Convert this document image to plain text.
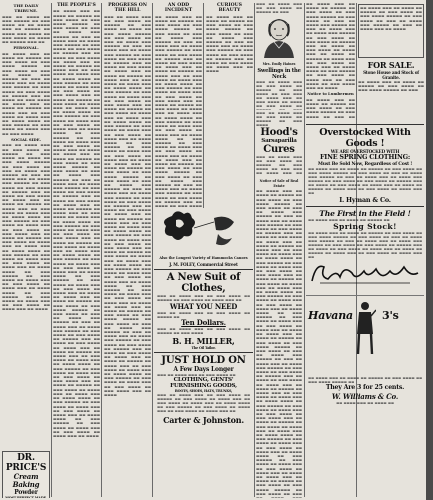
THE DAILY TRIBUNE.
▬▬▬ ▬▬ ▬▬▬▬ ▬▬ ▬▬▬ ▬▬▬▬▬ ▬▬ ▬▬▬ ▬▬▬▬ ▬▬ ▬▬ ▬▬▬▬ ▬▬▬ ▬▬ ▬▬▬▬▬ ▬▬ ▬▬▬▬ ▬▬▬ ▬▬▬▬ ▬▬ ▬▬▬ ▬▬▬▬ ▬▬ ▬▬▬▬ ▬▬ ▬▬▬▬▬ ▬▬▬ ▬▬
PERSONAL.
▬▬ ▬▬▬▬ ▬▬▬ ▬▬ ▬▬▬▬ ▬▬ ▬▬▬▬▬ ▬▬ ▬▬▬ ▬▬▬▬ ▬▬ ▬▬▬ ▬▬▬▬ ▬▬▬▬▬ ▬▬ ▬▬▬ ▬▬▬▬ ▬▬ ▬▬▬ ▬▬ ▬▬▬▬ ▬▬▬ ▬▬▬▬▬ ▬▬ ▬▬▬ ▬▬ ▬▬▬▬ ▬▬▬ ▬▬ ▬▬▬▬ ▬▬▬ ▬▬▬▬▬ ▬▬ ▬▬▬ ▬▬▬▬ ▬▬ ▬▬▬ ▬▬▬▬ ▬▬ ▬▬▬▬▬ ▬▬▬ ▬▬ ▬▬▬▬ ▬▬ ▬▬▬ ▬▬▬▬ ▬▬ ▬▬▬▬ ▬▬▬ ▬▬ ▬▬▬▬ ▬▬ ▬▬▬▬▬ ▬▬ ▬▬▬▬ ▬▬▬ ▬▬ ▬▬▬ ▬▬▬▬ ▬▬ ▬▬▬▬ ▬▬▬ ▬▬ ▬▬▬▬ ▬▬▬▬ ▬▬ ▬▬▬ ▬▬▬▬▬ ▬▬ ▬▬▬ ▬▬▬▬ ▬▬ ▬▬▬▬ ▬▬▬ ▬▬ ▬▬▬ ▬▬▬▬
SOCIAL SIDE.
▬▬▬ ▬▬ ▬▬▬▬ ▬▬▬ ▬▬ ▬▬▬ ▬▬▬▬ ▬▬ ▬▬▬▬▬ ▬▬ ▬▬▬ ▬▬▬▬ ▬▬ ▬▬▬▬ ▬▬ ▬▬▬ ▬▬▬▬ ▬▬▬▬▬ ▬▬ ▬▬▬ ▬▬▬▬ ▬▬ ▬▬▬ ▬▬ ▬▬▬▬ ▬▬▬ ▬▬▬▬▬ ▬▬ ▬▬▬ ▬▬ ▬▬▬▬ ▬▬▬ ▬▬ ▬▬▬▬ ▬▬▬ ▬▬▬▬▬ ▬▬ ▬▬▬ ▬▬▬▬ ▬▬ ▬▬▬ ▬▬▬▬ ▬▬ ▬▬▬▬▬ ▬▬▬ ▬▬ ▬▬▬▬ ▬▬ ▬▬▬ ▬▬▬▬ ▬▬ ▬▬▬▬ ▬▬▬ ▬▬ ▬▬▬▬ ▬▬ ▬▬▬▬▬ ▬▬ ▬▬▬▬ ▬▬▬ ▬▬ ▬▬▬ ▬▬▬▬ ▬▬ ▬▬▬▬ ▬▬▬ ▬▬ ▬▬▬▬ ▬▬▬▬ ▬▬ ▬▬▬ ▬▬▬▬▬ ▬▬ ▬▬▬ ▬▬▬▬ ▬▬ ▬▬▬▬ ▬▬▬ ▬▬ ▬▬▬ ▬▬▬▬ ▬▬ ▬▬▬ ▬▬▬▬ ▬▬▬ ▬▬ ▬▬▬▬ ▬▬ ▬▬▬▬▬ ▬▬ ▬▬▬ ▬▬▬▬ ▬▬ ▬▬▬▬ ▬▬▬ ▬▬ ▬▬▬▬ ▬▬▬ ▬▬ ▬▬▬▬ ▬▬▬▬ ▬▬ ▬▬▬ ▬▬▬▬▬ ▬▬ ▬▬▬ ▬▬▬▬ ▬▬ ▬▬▬▬ ▬▬▬ ▬▬ ▬▬▬ ▬▬▬▬ ▬▬ ▬▬▬▬ ▬▬▬ ▬▬ ▬▬▬▬ ▬▬▬▬ ▬▬ ▬▬▬ ▬▬▬▬▬ ▬▬ ▬▬▬ ▬▬▬▬ ▬▬ ▬▬▬▬ ▬▬▬ ▬▬ ▬▬▬ ▬▬▬▬ ▬▬ ▬▬▬▬ ▬▬▬ ▬▬ ▬▬▬▬ ▬▬▬▬ ▬▬ ▬▬▬ ▬▬▬▬▬ ▬▬ ▬▬▬ ▬▬▬▬ ▬▬ ▬▬▬▬ ▬▬▬ ▬▬ ▬▬▬ ▬▬▬▬ ▬▬ ▬▬▬▬ ▬▬▬ ▬▬ ▬▬▬▬
DR. PRICE'S
Cream Baking
Powder
MOST PERFECT MADE.
THE PEOPLE'S
▬▬ ▬▬▬▬ ▬▬▬ ▬▬ ▬▬▬▬ ▬▬ ▬▬▬▬▬ ▬▬ ▬▬▬ ▬▬▬▬ ▬▬ ▬▬▬ ▬▬▬▬ ▬▬▬▬▬ ▬▬ ▬▬▬ ▬▬▬▬ ▬▬ ▬▬▬ ▬▬ ▬▬▬▬ ▬▬▬ ▬▬▬▬▬ ▬▬ ▬▬▬ ▬▬ ▬▬▬▬ ▬▬▬ ▬▬ ▬▬▬▬ ▬▬▬ ▬▬▬▬▬ ▬▬ ▬▬▬ ▬▬▬▬ ▬▬ ▬▬▬ ▬▬▬▬ ▬▬ ▬▬▬▬▬ ▬▬▬ ▬▬ ▬▬▬▬ ▬▬ ▬▬▬ ▬▬▬▬ ▬▬ ▬▬▬▬ ▬▬▬ ▬▬ ▬▬▬▬ ▬▬ ▬▬▬▬▬ ▬▬ ▬▬▬▬ ▬▬▬ ▬▬ ▬▬▬ ▬▬▬▬ ▬▬ ▬▬▬▬ ▬▬▬ ▬▬ ▬▬▬▬ ▬▬▬▬ ▬▬ ▬▬▬ ▬▬▬▬▬ ▬▬ ▬▬▬ ▬▬▬▬ ▬▬ ▬▬▬▬ ▬▬▬ ▬▬ ▬▬▬ ▬▬▬▬ ▬▬ ▬▬▬ ▬▬▬▬ ▬▬▬ ▬▬ ▬▬▬▬ ▬▬ ▬▬▬▬▬ ▬▬ ▬▬▬ ▬▬▬▬ ▬▬ ▬▬▬▬ ▬▬▬ ▬▬ ▬▬▬▬ ▬▬▬ ▬▬ ▬▬▬▬ ▬▬▬▬ ▬▬ ▬▬▬ ▬▬▬▬▬ ▬▬ ▬▬▬ ▬▬▬▬ ▬▬ ▬▬▬▬ ▬▬▬ ▬▬ ▬▬▬ ▬▬▬▬ ▬▬ ▬▬▬▬ ▬▬▬ ▬▬ ▬▬▬▬ ▬▬▬▬ ▬▬ ▬▬▬ ▬▬▬▬▬ ▬▬ ▬▬▬ ▬▬▬▬ ▬▬ ▬▬▬▬ ▬▬▬ ▬▬ ▬▬▬ ▬▬▬▬ ▬▬ ▬▬▬▬ ▬▬▬ ▬▬ ▬▬▬▬ ▬▬ ▬▬▬▬ ▬▬▬ ▬▬ ▬▬▬▬ ▬▬ ▬▬▬▬▬ ▬▬ ▬▬▬ ▬▬▬▬ ▬▬ ▬▬▬ ▬▬▬▬ ▬▬▬▬▬ ▬▬ ▬▬▬ ▬▬▬▬ ▬▬ ▬▬▬ ▬▬ ▬▬▬▬ ▬▬▬ ▬▬▬▬▬ ▬▬ ▬▬▬ ▬▬ ▬▬▬▬ ▬▬▬ ▬▬ ▬▬▬▬ ▬▬▬ ▬▬▬▬▬ ▬▬ ▬▬▬ ▬▬▬▬ ▬▬ ▬▬▬ ▬▬▬▬ ▬▬ ▬▬▬▬▬ ▬▬▬ ▬▬ ▬▬▬▬ ▬▬ ▬▬▬ ▬▬▬▬ ▬▬ ▬▬▬▬ ▬▬▬ ▬▬ ▬▬▬▬ ▬▬ ▬▬▬▬▬ ▬▬ ▬▬▬▬ ▬▬▬ ▬▬ ▬▬▬ ▬▬▬▬ ▬▬ ▬▬▬▬ ▬▬▬ ▬▬ ▬▬▬▬ ▬▬▬▬ ▬▬ ▬▬▬ ▬▬▬▬▬ ▬▬ ▬▬▬ ▬▬▬▬ ▬▬ ▬▬▬▬ ▬▬▬ ▬▬ ▬▬▬ ▬▬▬▬ ▬▬ ▬▬▬ ▬▬▬▬ ▬▬▬ ▬▬ ▬▬▬▬ ▬▬ ▬▬▬▬▬ ▬▬ ▬▬▬ ▬▬▬▬ ▬▬ ▬▬▬▬ ▬▬▬ ▬▬ ▬▬▬▬ ▬▬▬ ▬▬ ▬▬▬▬ ▬▬▬▬ ▬▬ ▬▬▬ ▬▬▬▬▬ ▬▬ ▬▬▬ ▬▬▬▬ ▬▬ ▬▬▬▬ ▬▬▬ ▬▬ ▬▬▬ ▬▬▬▬ ▬▬ ▬▬▬▬ ▬▬▬ ▬▬ ▬▬▬▬ ▬▬▬▬ ▬▬ ▬▬▬ ▬▬▬▬▬ ▬▬ ▬▬▬ ▬▬▬▬ ▬▬ ▬▬▬▬ ▬▬▬ ▬▬ ▬▬▬ ▬▬▬▬ ▬▬ ▬▬▬▬ ▬▬▬ ▬▬ ▬▬▬▬ ▬▬ ▬▬▬▬ ▬▬▬ ▬▬ ▬▬▬▬ ▬▬ ▬▬▬▬▬ ▬▬ ▬▬▬ ▬▬▬▬ ▬▬ ▬▬▬ ▬▬▬▬ ▬▬▬▬▬ ▬▬ ▬▬▬ ▬▬▬▬ ▬▬ ▬▬▬ ▬▬ ▬▬▬▬ ▬▬▬ ▬▬▬▬▬ ▬▬ ▬▬▬ ▬▬ ▬▬▬▬ ▬▬▬ ▬▬ ▬▬▬▬ ▬▬▬ ▬▬▬▬▬ ▬▬ ▬▬▬ ▬▬▬▬ ▬▬ ▬▬▬ ▬▬▬▬ ▬▬ ▬▬▬▬▬ ▬▬▬ ▬▬ ▬▬▬▬ ▬▬ ▬▬▬ ▬▬▬▬ ▬▬ ▬▬▬▬ ▬▬▬ ▬▬ ▬▬▬▬ ▬▬ ▬▬▬▬▬ ▬▬ ▬▬▬▬ ▬▬▬ ▬▬ ▬▬▬ ▬▬▬▬ ▬▬ ▬▬▬▬ ▬▬▬ ▬▬ ▬▬▬▬ ▬▬▬▬ ▬▬ ▬▬▬ ▬▬▬▬▬ ▬▬ ▬▬▬ ▬▬▬▬ ▬▬ ▬▬▬▬ ▬▬▬ ▬▬ ▬▬▬ ▬▬▬▬ ▬▬ ▬▬▬ ▬▬▬▬ ▬▬▬ ▬▬ ▬▬▬▬ ▬▬ ▬▬▬▬▬ ▬▬ ▬▬▬ ▬▬▬▬ ▬▬ ▬▬▬▬ ▬▬▬ ▬▬ ▬▬▬▬ ▬▬▬ ▬▬ ▬▬▬▬ ▬▬▬▬ ▬▬ ▬▬▬ ▬▬▬▬▬ ▬▬ ▬▬▬ ▬▬▬▬ ▬▬ ▬▬▬▬ ▬▬▬ ▬▬ ▬▬▬ ▬▬▬▬ ▬▬ ▬▬▬▬ ▬▬▬ ▬▬ ▬▬▬▬ ▬▬▬▬ ▬▬ ▬▬▬ ▬▬▬▬▬ ▬▬ ▬▬▬ ▬▬▬▬ ▬▬ ▬▬▬▬ ▬▬▬ ▬▬ ▬▬▬ ▬▬▬▬ ▬▬ ▬▬▬▬ ▬▬▬ ▬▬ ▬▬▬▬
PROGRESS ON THE HILL
▬▬▬ ▬▬ ▬▬▬▬ ▬▬▬ ▬▬ ▬▬▬ ▬▬▬▬ ▬▬ ▬▬▬▬▬ ▬▬ ▬▬▬ ▬▬▬▬ ▬▬ ▬▬▬▬ ▬▬ ▬▬▬ ▬▬▬▬ ▬▬▬▬▬ ▬▬ ▬▬▬ ▬▬▬▬ ▬▬ ▬▬▬ ▬▬ ▬▬▬▬ ▬▬▬ ▬▬▬▬▬ ▬▬ ▬▬▬ ▬▬ ▬▬▬▬ ▬▬▬ ▬▬ ▬▬▬▬ ▬▬▬ ▬▬▬▬▬ ▬▬ ▬▬▬ ▬▬▬▬ ▬▬ ▬▬▬ ▬▬▬▬ ▬▬ ▬▬▬▬▬ ▬▬▬ ▬▬ ▬▬▬▬ ▬▬ ▬▬▬ ▬▬▬▬ ▬▬ ▬▬▬▬ ▬▬▬ ▬▬ ▬▬▬▬ ▬▬ ▬▬▬▬▬ ▬▬ ▬▬▬▬ ▬▬▬ ▬▬ ▬▬▬ ▬▬▬▬ ▬▬ ▬▬▬▬ ▬▬▬ ▬▬ ▬▬▬▬ ▬▬▬▬ ▬▬ ▬▬▬ ▬▬▬▬▬ ▬▬ ▬▬▬ ▬▬▬▬ ▬▬ ▬▬▬▬ ▬▬▬ ▬▬ ▬▬▬ ▬▬▬▬ ▬▬ ▬▬▬ ▬▬▬▬ ▬▬▬ ▬▬ ▬▬▬▬ ▬▬ ▬▬▬▬▬ ▬▬ ▬▬▬ ▬▬▬▬ ▬▬ ▬▬▬▬ ▬▬▬ ▬▬ ▬▬▬▬ ▬▬▬ ▬▬ ▬▬▬▬ ▬▬▬▬ ▬▬ ▬▬▬ ▬▬▬▬▬ ▬▬ ▬▬▬ ▬▬▬▬ ▬▬ ▬▬▬▬ ▬▬▬ ▬▬ ▬▬▬ ▬▬▬▬ ▬▬ ▬▬▬▬ ▬▬▬ ▬▬ ▬▬▬▬ ▬▬▬▬ ▬▬ ▬▬▬ ▬▬▬▬▬ ▬▬ ▬▬▬ ▬▬▬▬ ▬▬ ▬▬▬▬ ▬▬▬ ▬▬ ▬▬▬ ▬▬▬▬ ▬▬ ▬▬▬▬ ▬▬▬ ▬▬ ▬▬▬▬ ▬▬ ▬▬▬▬ ▬▬▬ ▬▬ ▬▬▬▬ ▬▬ ▬▬▬▬▬ ▬▬ ▬▬▬ ▬▬▬▬ ▬▬ ▬▬▬ ▬▬▬▬ ▬▬▬▬▬ ▬▬ ▬▬▬ ▬▬▬▬ ▬▬ ▬▬▬ ▬▬ ▬▬▬▬ ▬▬▬ ▬▬▬▬▬ ▬▬ ▬▬▬ ▬▬ ▬▬▬▬ ▬▬▬ ▬▬ ▬▬▬▬ ▬▬▬ ▬▬▬▬▬ ▬▬ ▬▬▬ ▬▬▬▬ ▬▬ ▬▬▬ ▬▬▬▬ ▬▬ ▬▬▬▬▬ ▬▬▬ ▬▬ ▬▬▬▬ ▬▬ ▬▬▬ ▬▬▬▬ ▬▬ ▬▬▬▬ ▬▬▬ ▬▬ ▬▬▬▬ ▬▬ ▬▬▬▬▬ ▬▬ ▬▬▬▬ ▬▬▬ ▬▬ ▬▬▬ ▬▬▬▬ ▬▬ ▬▬▬▬ ▬▬▬ ▬▬ ▬▬▬▬ ▬▬▬▬ ▬▬ ▬▬▬ ▬▬▬▬▬ ▬▬ ▬▬▬ ▬▬▬▬ ▬▬ ▬▬▬▬ ▬▬▬ ▬▬ ▬▬▬ ▬▬▬▬ ▬▬ ▬▬▬ ▬▬▬▬ ▬▬▬ ▬▬ ▬▬▬▬ ▬▬ ▬▬▬▬▬ ▬▬ ▬▬▬ ▬▬▬▬ ▬▬ ▬▬▬▬ ▬▬▬ ▬▬ ▬▬▬▬ ▬▬▬ ▬▬ ▬▬▬▬ ▬▬▬▬ ▬▬ ▬▬▬ ▬▬▬▬▬ ▬▬ ▬▬▬ ▬▬▬▬ ▬▬ ▬▬▬▬ ▬▬▬ ▬▬ ▬▬▬ ▬▬▬▬ ▬▬ ▬▬▬▬ ▬▬▬ ▬▬ ▬▬▬▬ ▬▬▬▬ ▬▬ ▬▬▬ ▬▬▬▬▬ ▬▬ ▬▬▬ ▬▬▬▬ ▬▬ ▬▬▬▬ ▬▬▬ ▬▬ ▬▬▬ ▬▬▬▬ ▬▬ ▬▬▬▬ ▬▬▬ ▬▬ ▬▬▬▬ ▬▬ ▬▬▬▬ ▬▬▬ ▬▬ ▬▬▬▬ ▬▬ ▬▬▬▬▬ ▬▬ ▬▬▬ ▬▬▬▬ ▬▬ ▬▬▬ ▬▬▬▬ ▬▬▬▬▬ ▬▬ ▬▬▬ ▬▬▬▬ ▬▬ ▬▬▬ ▬▬ ▬▬▬▬ ▬▬▬ ▬▬▬▬▬ ▬▬ ▬▬▬ ▬▬ ▬▬▬▬ ▬▬▬ ▬▬ ▬▬▬▬ ▬▬▬ ▬▬▬▬▬ ▬▬ ▬▬▬ ▬▬▬▬ ▬▬ ▬▬▬ ▬▬▬▬ ▬▬ ▬▬▬▬▬ ▬▬▬ ▬▬ ▬▬▬▬ ▬▬ ▬▬▬ ▬▬▬▬ ▬▬ ▬▬▬▬ ▬▬▬ ▬▬ ▬▬▬▬ ▬▬ ▬▬▬▬▬ ▬▬ ▬▬▬▬ ▬▬▬ ▬▬ ▬▬▬ ▬▬▬▬ ▬▬ ▬▬▬▬ ▬▬▬ ▬▬ ▬▬▬▬ ▬▬▬▬ ▬▬ ▬▬▬ ▬▬▬▬▬ ▬▬ ▬▬▬ ▬▬▬▬ ▬▬ ▬▬▬▬ ▬▬▬ ▬▬ ▬▬▬ ▬▬▬▬ ▬▬ ▬▬▬ ▬▬▬▬ ▬▬▬ ▬▬ ▬▬▬▬
AN ODD INCIDENT
▬▬ ▬▬▬▬ ▬▬▬ ▬▬ ▬▬▬▬ ▬▬ ▬▬▬▬▬ ▬▬ ▬▬▬ ▬▬▬▬ ▬▬ ▬▬▬ ▬▬▬▬ ▬▬▬▬▬ ▬▬ ▬▬▬ ▬▬▬▬ ▬▬ ▬▬▬ ▬▬ ▬▬▬▬ ▬▬▬ ▬▬▬▬▬ ▬▬ ▬▬▬ ▬▬ ▬▬▬▬ ▬▬▬ ▬▬ ▬▬▬▬ ▬▬▬ ▬▬▬▬▬ ▬▬ ▬▬▬ ▬▬▬▬ ▬▬ ▬▬▬ ▬▬▬▬ ▬▬ ▬▬▬▬▬ ▬▬▬ ▬▬ ▬▬▬▬ ▬▬ ▬▬▬ ▬▬▬▬ ▬▬ ▬▬▬▬ ▬▬▬ ▬▬ ▬▬▬▬ ▬▬ ▬▬▬▬▬ ▬▬ ▬▬▬▬ ▬▬▬ ▬▬ ▬▬▬ ▬▬▬▬ ▬▬ ▬▬▬▬ ▬▬▬ ▬▬ ▬▬▬▬ ▬▬▬▬ ▬▬ ▬▬▬ ▬▬▬▬▬ ▬▬ ▬▬▬ ▬▬▬▬ ▬▬ ▬▬▬▬ ▬▬▬ ▬▬ ▬▬▬ ▬▬▬▬ ▬▬ ▬▬▬ ▬▬▬▬ ▬▬▬ ▬▬ ▬▬▬▬ ▬▬ ▬▬▬▬▬ ▬▬ ▬▬▬ ▬▬▬▬ ▬▬ ▬▬▬▬ ▬▬▬ ▬▬ ▬▬▬▬ ▬▬▬ ▬▬ ▬▬▬▬ ▬▬▬▬ ▬▬ ▬▬▬ ▬▬▬▬▬ ▬▬ ▬▬▬ ▬▬▬▬ ▬▬ ▬▬▬▬ ▬▬▬ ▬▬ ▬▬▬ ▬▬▬▬ ▬▬ ▬▬▬▬ ▬▬▬ ▬▬ ▬▬▬▬ ▬▬▬▬ ▬▬ ▬▬▬ ▬▬▬▬▬ ▬▬ ▬▬▬ ▬▬▬▬ ▬▬ ▬▬▬▬ ▬▬▬ ▬▬ ▬▬▬ ▬▬▬▬ ▬▬ ▬▬▬▬ ▬▬▬ ▬▬ ▬▬▬▬ ▬▬ ▬▬▬▬ ▬▬▬ ▬▬ ▬▬▬▬ ▬▬ ▬▬▬▬▬ ▬▬ ▬▬▬ ▬▬▬▬ ▬▬ ▬▬▬ ▬▬▬▬ ▬▬▬▬▬ ▬▬ ▬▬▬ ▬▬▬▬ ▬▬ ▬▬▬ ▬▬ ▬▬▬▬ ▬▬▬ ▬▬▬▬▬ ▬▬ ▬▬▬ ▬▬ ▬▬▬▬ ▬▬▬ ▬▬ ▬▬▬▬ ▬▬▬ ▬▬▬▬▬ ▬▬ ▬▬▬ ▬▬▬▬ ▬▬ ▬▬▬ ▬▬▬▬ ▬▬ ▬▬▬▬▬ ▬▬▬ ▬▬ ▬▬▬▬ ▬▬ ▬▬▬ ▬▬▬▬
CURIOUS BEAUTY
▬▬ ▬▬▬▬ ▬▬▬ ▬▬ ▬▬▬▬ ▬▬ ▬▬▬▬▬ ▬▬ ▬▬▬ ▬▬▬▬ ▬▬ ▬▬▬ ▬▬▬▬ ▬▬▬▬▬ ▬▬ ▬▬▬ ▬▬▬▬ ▬▬ ▬▬▬ ▬▬ ▬▬▬▬ ▬▬▬ ▬▬▬▬▬ ▬▬ ▬▬▬ ▬▬ ▬▬▬▬ ▬▬▬ ▬▬ ▬▬▬▬ ▬▬▬ ▬▬▬▬▬ ▬▬ ▬▬▬ ▬▬▬▬ ▬▬ ▬▬▬ ▬▬▬▬ ▬▬ ▬▬▬▬▬ ▬▬▬ ▬▬ ▬▬▬▬ ▬▬ ▬▬▬ ▬▬▬▬ ▬▬ ▬▬▬▬ ▬▬▬ ▬▬ ▬▬▬▬
▬▬▬ ▬▬ ▬▬▬▬ ▬▬▬ ▬▬ ▬▬▬ ▬▬▬▬ ▬▬ ▬▬▬▬▬ ▬▬ ▬▬▬
Mrs. Emily Haines
Swellings in the Neck
▬▬▬ ▬▬ ▬▬▬▬ ▬▬▬ ▬▬ ▬▬▬ ▬▬▬▬ ▬▬ ▬▬▬▬▬ ▬▬ ▬▬▬ ▬▬▬▬ ▬▬ ▬▬▬ ▬▬▬ ▬▬ ▬▬▬▬ ▬▬▬ ▬▬ ▬▬▬ ▬▬▬▬ ▬▬ ▬▬▬▬ ▬▬ ▬▬▬ ▬▬▬▬ ▬▬ ▬▬▬▬▬ ▬▬ ▬▬▬
▬▬▬ ▬▬ ▬▬▬▬ ▬▬▬ ▬▬ ▬▬▬ ▬▬▬▬ ▬▬ ▬▬▬▬▬ ▬▬ ▬▬▬ ▬▬▬▬
Hood's
Sarsaparilla
Cures
▬▬▬ ▬▬ ▬▬▬▬ ▬▬▬ ▬▬ ▬▬▬ ▬▬▬▬ ▬▬ ▬▬▬▬▬ ▬▬ ▬▬▬ ▬▬▬▬ ▬▬ ▬▬▬ ▬▬▬ ▬▬ ▬▬▬▬ ▬▬▬ ▬▬
Notice of Sale of Real Estate
▬▬ ▬▬▬▬ ▬▬▬ ▬▬ ▬▬▬▬ ▬▬ ▬▬▬▬▬ ▬▬ ▬▬▬ ▬▬▬▬ ▬▬ ▬▬▬ ▬▬▬▬ ▬▬▬▬▬ ▬▬ ▬▬▬ ▬▬▬▬ ▬▬ ▬▬▬ ▬▬ ▬▬▬▬ ▬▬▬ ▬▬▬▬▬ ▬▬ ▬▬▬ ▬▬ ▬▬▬▬ ▬▬▬ ▬▬ ▬▬▬▬ ▬▬▬ ▬▬▬▬▬ ▬▬ ▬▬▬ ▬▬▬▬ ▬▬ ▬▬▬ ▬▬▬▬ ▬▬ ▬▬▬▬▬ ▬▬▬ ▬▬ ▬▬▬▬ ▬▬ ▬▬▬ ▬▬▬▬ ▬▬ ▬▬▬▬ ▬▬▬ ▬▬ ▬▬▬▬ ▬▬ ▬▬▬▬▬ ▬▬ ▬▬▬▬ ▬▬▬ ▬▬ ▬▬▬ ▬▬▬▬ ▬▬ ▬▬▬▬ ▬▬▬ ▬▬ ▬▬▬▬ ▬▬▬▬ ▬▬ ▬▬▬ ▬▬▬▬▬ ▬▬ ▬▬▬ ▬▬▬▬ ▬▬ ▬▬▬▬ ▬▬▬ ▬▬ ▬▬▬ ▬▬▬▬ ▬▬ ▬▬▬ ▬▬▬▬ ▬▬▬ ▬▬ ▬▬▬▬ ▬▬ ▬▬▬▬▬ ▬▬ ▬▬▬ ▬▬▬▬ ▬▬ ▬▬▬▬ ▬▬▬ ▬▬ ▬▬▬▬ ▬▬▬ ▬▬ ▬▬▬▬ ▬▬▬▬ ▬▬ ▬▬▬ ▬▬▬▬▬ ▬▬ ▬▬▬ ▬▬▬▬ ▬▬ ▬▬▬▬ ▬▬▬ ▬▬ ▬▬▬ ▬▬▬▬ ▬▬ ▬▬▬▬ ▬▬▬ ▬▬ ▬▬▬▬ ▬▬▬▬ ▬▬ ▬▬▬ ▬▬▬▬▬ ▬▬ ▬▬▬ ▬▬▬▬ ▬▬ ▬▬▬▬ ▬▬▬ ▬▬ ▬▬▬ ▬▬▬▬ ▬▬ ▬▬▬▬ ▬▬▬ ▬▬ ▬▬▬▬ ▬▬ ▬▬▬▬ ▬▬▬ ▬▬ ▬▬▬▬ ▬▬ ▬▬▬▬▬ ▬▬ ▬▬▬ ▬▬▬▬ ▬▬ ▬▬▬ ▬▬▬▬ ▬▬▬▬▬ ▬▬ ▬▬▬ ▬▬▬▬ ▬▬ ▬▬▬ ▬▬ ▬▬▬▬ ▬▬▬ ▬▬▬▬▬ ▬▬ ▬▬▬ ▬▬ ▬▬▬▬ ▬▬▬ ▬▬ ▬▬▬▬ ▬▬▬ ▬▬▬▬▬ ▬▬ ▬▬▬ ▬▬▬▬ ▬▬ ▬▬▬ ▬▬▬▬ ▬▬ ▬▬▬▬▬ ▬▬▬ ▬▬ ▬▬▬▬ ▬▬ ▬▬▬ ▬▬▬▬ ▬▬ ▬▬▬▬ ▬▬▬ ▬▬ ▬▬▬▬ ▬▬ ▬▬▬▬▬ ▬▬ ▬▬▬▬ ▬▬▬ ▬▬ ▬▬▬ ▬▬▬▬ ▬▬ ▬▬▬▬ ▬▬▬ ▬▬ ▬▬▬▬ ▬▬▬▬ ▬▬ ▬▬▬ ▬▬▬▬▬ ▬▬ ▬▬▬ ▬▬▬▬ ▬▬ ▬▬▬▬ ▬▬▬ ▬▬ ▬▬▬ ▬▬▬▬ ▬▬ ▬▬▬ ▬▬▬▬ ▬▬▬ ▬▬ ▬▬▬▬ ▬▬ ▬▬▬▬▬ ▬▬ ▬▬▬ ▬▬▬▬ ▬▬ ▬▬▬▬ ▬▬▬ ▬▬ ▬▬▬▬ ▬▬▬ ▬▬ ▬▬▬▬ ▬▬▬▬ ▬▬ ▬▬▬ ▬▬▬▬▬ ▬▬ ▬▬▬ ▬▬▬▬ ▬▬ ▬▬▬▬ ▬▬▬ ▬▬ ▬▬▬ ▬▬▬▬ ▬▬ ▬▬▬▬ ▬▬▬ ▬▬ ▬▬▬▬ ▬▬▬▬ ▬▬ ▬▬▬ ▬▬▬▬▬ ▬▬ ▬▬▬ ▬▬▬▬ ▬▬ ▬▬▬▬ ▬▬▬ ▬▬ ▬▬▬ ▬▬▬▬ ▬▬ ▬▬▬▬ ▬▬▬ ▬▬ ▬▬▬▬ ▬▬ ▬▬▬▬ ▬▬▬ ▬▬ ▬▬▬▬ ▬▬ ▬▬▬▬▬ ▬▬ ▬▬▬ ▬▬▬▬ ▬▬ ▬▬▬ ▬▬▬▬ ▬▬▬▬▬ ▬▬ ▬▬▬ ▬▬▬▬ ▬▬ ▬▬▬
Also the Longest Variety of Hammocks Canoes
J. M. FOLEY, Commercial Street
A New Suit of Clothes,
▬▬▬ ▬▬ ▬▬▬▬ ▬▬▬ ▬▬ ▬▬▬ ▬▬▬▬ ▬▬ ▬▬▬▬▬ ▬▬ ▬▬▬ ▬▬▬▬ ▬▬ ▬▬▬▬ ▬▬▬ ▬▬
WHAT YOU NEED
▬▬▬ ▬▬ ▬▬▬▬ ▬▬▬ ▬▬ ▬▬▬ ▬▬▬▬ ▬▬ ▬▬▬▬▬ ▬▬
Ten Dollars.
▬▬▬ ▬▬ ▬▬▬▬ ▬▬▬ ▬▬ ▬▬▬ ▬▬▬▬ ▬▬ ▬▬▬▬▬ ▬▬ ▬▬▬ ▬▬▬▬
B. H. MILLER,
The Oil Tailor.
JUST HOLD ON
A Few Days Longer
▬▬▬ ▬▬ ▬▬▬▬ ▬▬▬ ▬▬ ▬▬▬ ▬▬▬▬ ▬▬
CLOTHING, GENTS' FURNISHING GOODS,
BOOTS, SHOES, HATS, TRUNKS,
▬▬▬ ▬▬ ▬▬▬▬ ▬▬▬ ▬▬ ▬▬▬ ▬▬▬▬ ▬▬ ▬▬▬▬▬ ▬▬ ▬▬▬ ▬▬▬▬ ▬▬ ▬▬▬▬ ▬▬▬ ▬▬ ▬▬▬ ▬▬▬▬ ▬▬ ▬▬▬▬ ▬▬▬ ▬▬ ▬▬▬▬ ▬▬▬▬ ▬▬ ▬▬▬ ▬▬▬▬▬ ▬▬ ▬▬▬ ▬▬▬▬ ▬▬ ▬▬▬▬ ▬▬▬ ▬▬ ▬▬▬ ▬▬▬▬ ▬▬ ▬▬▬▬ ▬▬▬ ▬▬
Carter & Johnston.
▬▬ ▬▬▬▬ ▬▬▬ ▬▬ ▬▬▬▬ ▬▬ ▬▬▬▬▬ ▬▬ ▬▬▬ ▬▬▬▬ ▬▬ ▬▬▬ ▬▬▬▬ ▬▬▬▬▬ ▬▬ ▬▬▬ ▬▬▬▬ ▬▬ ▬▬▬ ▬▬ ▬▬▬▬ ▬▬▬ ▬▬▬▬▬ ▬▬ ▬▬▬ ▬▬ ▬▬▬▬ ▬▬▬ ▬▬ ▬▬▬▬ ▬▬▬ ▬▬▬▬▬ ▬▬ ▬▬▬ ▬▬▬▬ ▬▬ ▬▬▬ ▬▬▬▬ ▬▬ ▬▬▬▬▬ ▬▬▬ ▬▬ ▬▬▬▬ ▬▬ ▬▬▬ ▬▬▬▬ ▬▬ ▬▬▬▬ ▬▬▬ ▬▬ ▬▬▬▬ ▬▬ ▬▬▬▬▬ ▬▬ ▬▬▬▬ ▬▬▬ ▬▬ ▬▬▬ ▬▬▬▬ ▬▬ ▬▬▬▬ ▬▬▬ ▬▬ ▬▬▬▬ ▬▬▬▬ ▬▬ ▬▬▬ ▬▬▬▬▬ ▬▬ ▬▬▬ ▬▬▬▬ ▬▬ ▬▬▬▬ ▬▬▬ ▬▬ ▬▬▬ ▬▬▬▬ ▬▬ ▬▬▬ ▬▬▬▬ ▬▬▬ ▬▬ ▬▬▬▬
Notice to Lumbermen
▬▬ ▬▬▬▬ ▬▬▬ ▬▬ ▬▬▬▬ ▬▬ ▬▬▬▬▬ ▬▬ ▬▬▬ ▬▬▬▬ ▬▬ ▬▬▬ ▬▬▬▬ ▬▬▬▬▬ ▬▬ ▬▬▬ ▬▬▬▬ ▬▬ ▬▬▬ ▬▬
▬▬ ▬▬▬▬ ▬▬▬ ▬▬ ▬▬▬▬ ▬▬ ▬▬▬▬▬ ▬▬ ▬▬▬ ▬▬▬▬ ▬▬ ▬▬▬ ▬▬▬▬ ▬▬▬▬▬ ▬▬ ▬▬▬ ▬▬▬▬ ▬▬ ▬▬▬ ▬▬ ▬▬▬▬ ▬▬▬ ▬▬▬▬▬ ▬▬ ▬▬▬ ▬▬ ▬▬▬▬ ▬▬▬ ▬▬ ▬▬▬▬
FOR SALE.
Stone House and Stock of Granite.
▬▬ ▬▬▬▬ ▬▬▬ ▬▬ ▬▬▬▬ ▬▬ ▬▬▬▬▬ ▬▬ ▬▬▬ ▬▬▬▬ ▬▬ ▬▬▬ ▬▬▬▬ ▬▬▬▬▬ ▬▬ ▬▬▬
Overstocked With Goods !
WE ARE OVERSTOCKED WITH
FINE SPRING CLOTHING:
Must Be Sold Now, Regardless of Cost !
▬▬ ▬▬▬▬ ▬▬▬ ▬▬ ▬▬▬▬ ▬▬ ▬▬▬▬▬ ▬▬ ▬▬▬ ▬▬▬▬ ▬▬ ▬▬▬ ▬▬▬▬ ▬▬▬▬▬ ▬▬ ▬▬▬ ▬▬▬▬ ▬▬ ▬▬▬ ▬▬ ▬▬▬▬ ▬▬▬ ▬▬▬▬▬ ▬▬ ▬▬▬ ▬▬ ▬▬▬▬ ▬▬▬ ▬▬ ▬▬▬▬ ▬▬▬ ▬▬▬▬▬ ▬▬ ▬▬▬ ▬▬▬▬ ▬▬ ▬▬▬ ▬▬▬▬ ▬▬ ▬▬▬▬▬ ▬▬▬ ▬▬ ▬▬▬▬ ▬▬ ▬▬▬ ▬▬▬▬ ▬▬ ▬▬▬▬ ▬▬▬ ▬▬ ▬▬▬▬ ▬▬ ▬▬▬▬▬ ▬▬ ▬▬▬▬ ▬▬▬ ▬▬ ▬▬▬ ▬▬▬▬ ▬▬ ▬▬▬▬ ▬▬▬ ▬▬
I. Hyman & Co.
The First in the Field !
▬▬ ▬▬▬▬ ▬▬▬ ▬▬ ▬▬▬▬ ▬▬ ▬▬▬▬▬ ▬▬
Spring Stock!
▬▬ ▬▬▬▬ ▬▬▬ ▬▬ ▬▬▬▬ ▬▬ ▬▬▬▬▬ ▬▬ ▬▬▬ ▬▬▬▬ ▬▬ ▬▬▬ ▬▬▬▬ ▬▬▬▬▬ ▬▬ ▬▬▬ ▬▬▬▬ ▬▬ ▬▬▬ ▬▬ ▬▬▬▬ ▬▬▬ ▬▬▬▬▬ ▬▬ ▬▬▬ ▬▬ ▬▬▬▬ ▬▬▬ ▬▬ ▬▬▬▬ ▬▬▬ ▬▬▬▬▬ ▬▬ ▬▬▬ ▬▬▬▬ ▬▬ ▬▬▬ ▬▬▬▬ ▬▬ ▬▬▬▬▬ ▬▬▬ ▬▬ ▬▬▬▬ ▬▬ ▬▬▬ ▬▬▬▬ ▬▬ ▬▬▬▬ ▬▬▬ ▬▬ ▬▬▬▬ ▬▬ ▬▬▬▬▬ ▬▬ ▬▬▬▬ ▬▬▬ ▬▬ ▬▬▬ ▬▬▬▬ ▬▬ ▬▬▬▬ ▬▬▬ ▬▬
Havana	3's
▬▬ ▬▬▬▬ ▬▬▬ ▬▬ ▬▬▬▬ ▬▬ ▬▬▬▬▬ ▬▬ ▬▬▬ ▬▬▬▬ ▬▬ ▬▬▬ ▬▬▬▬ ▬▬▬▬▬ ▬▬
They Are 3 for 25 cents.
W. Williams & Co.
▬▬ ▬▬▬▬ ▬▬▬ ▬▬ ▬▬▬▬ ▬▬
